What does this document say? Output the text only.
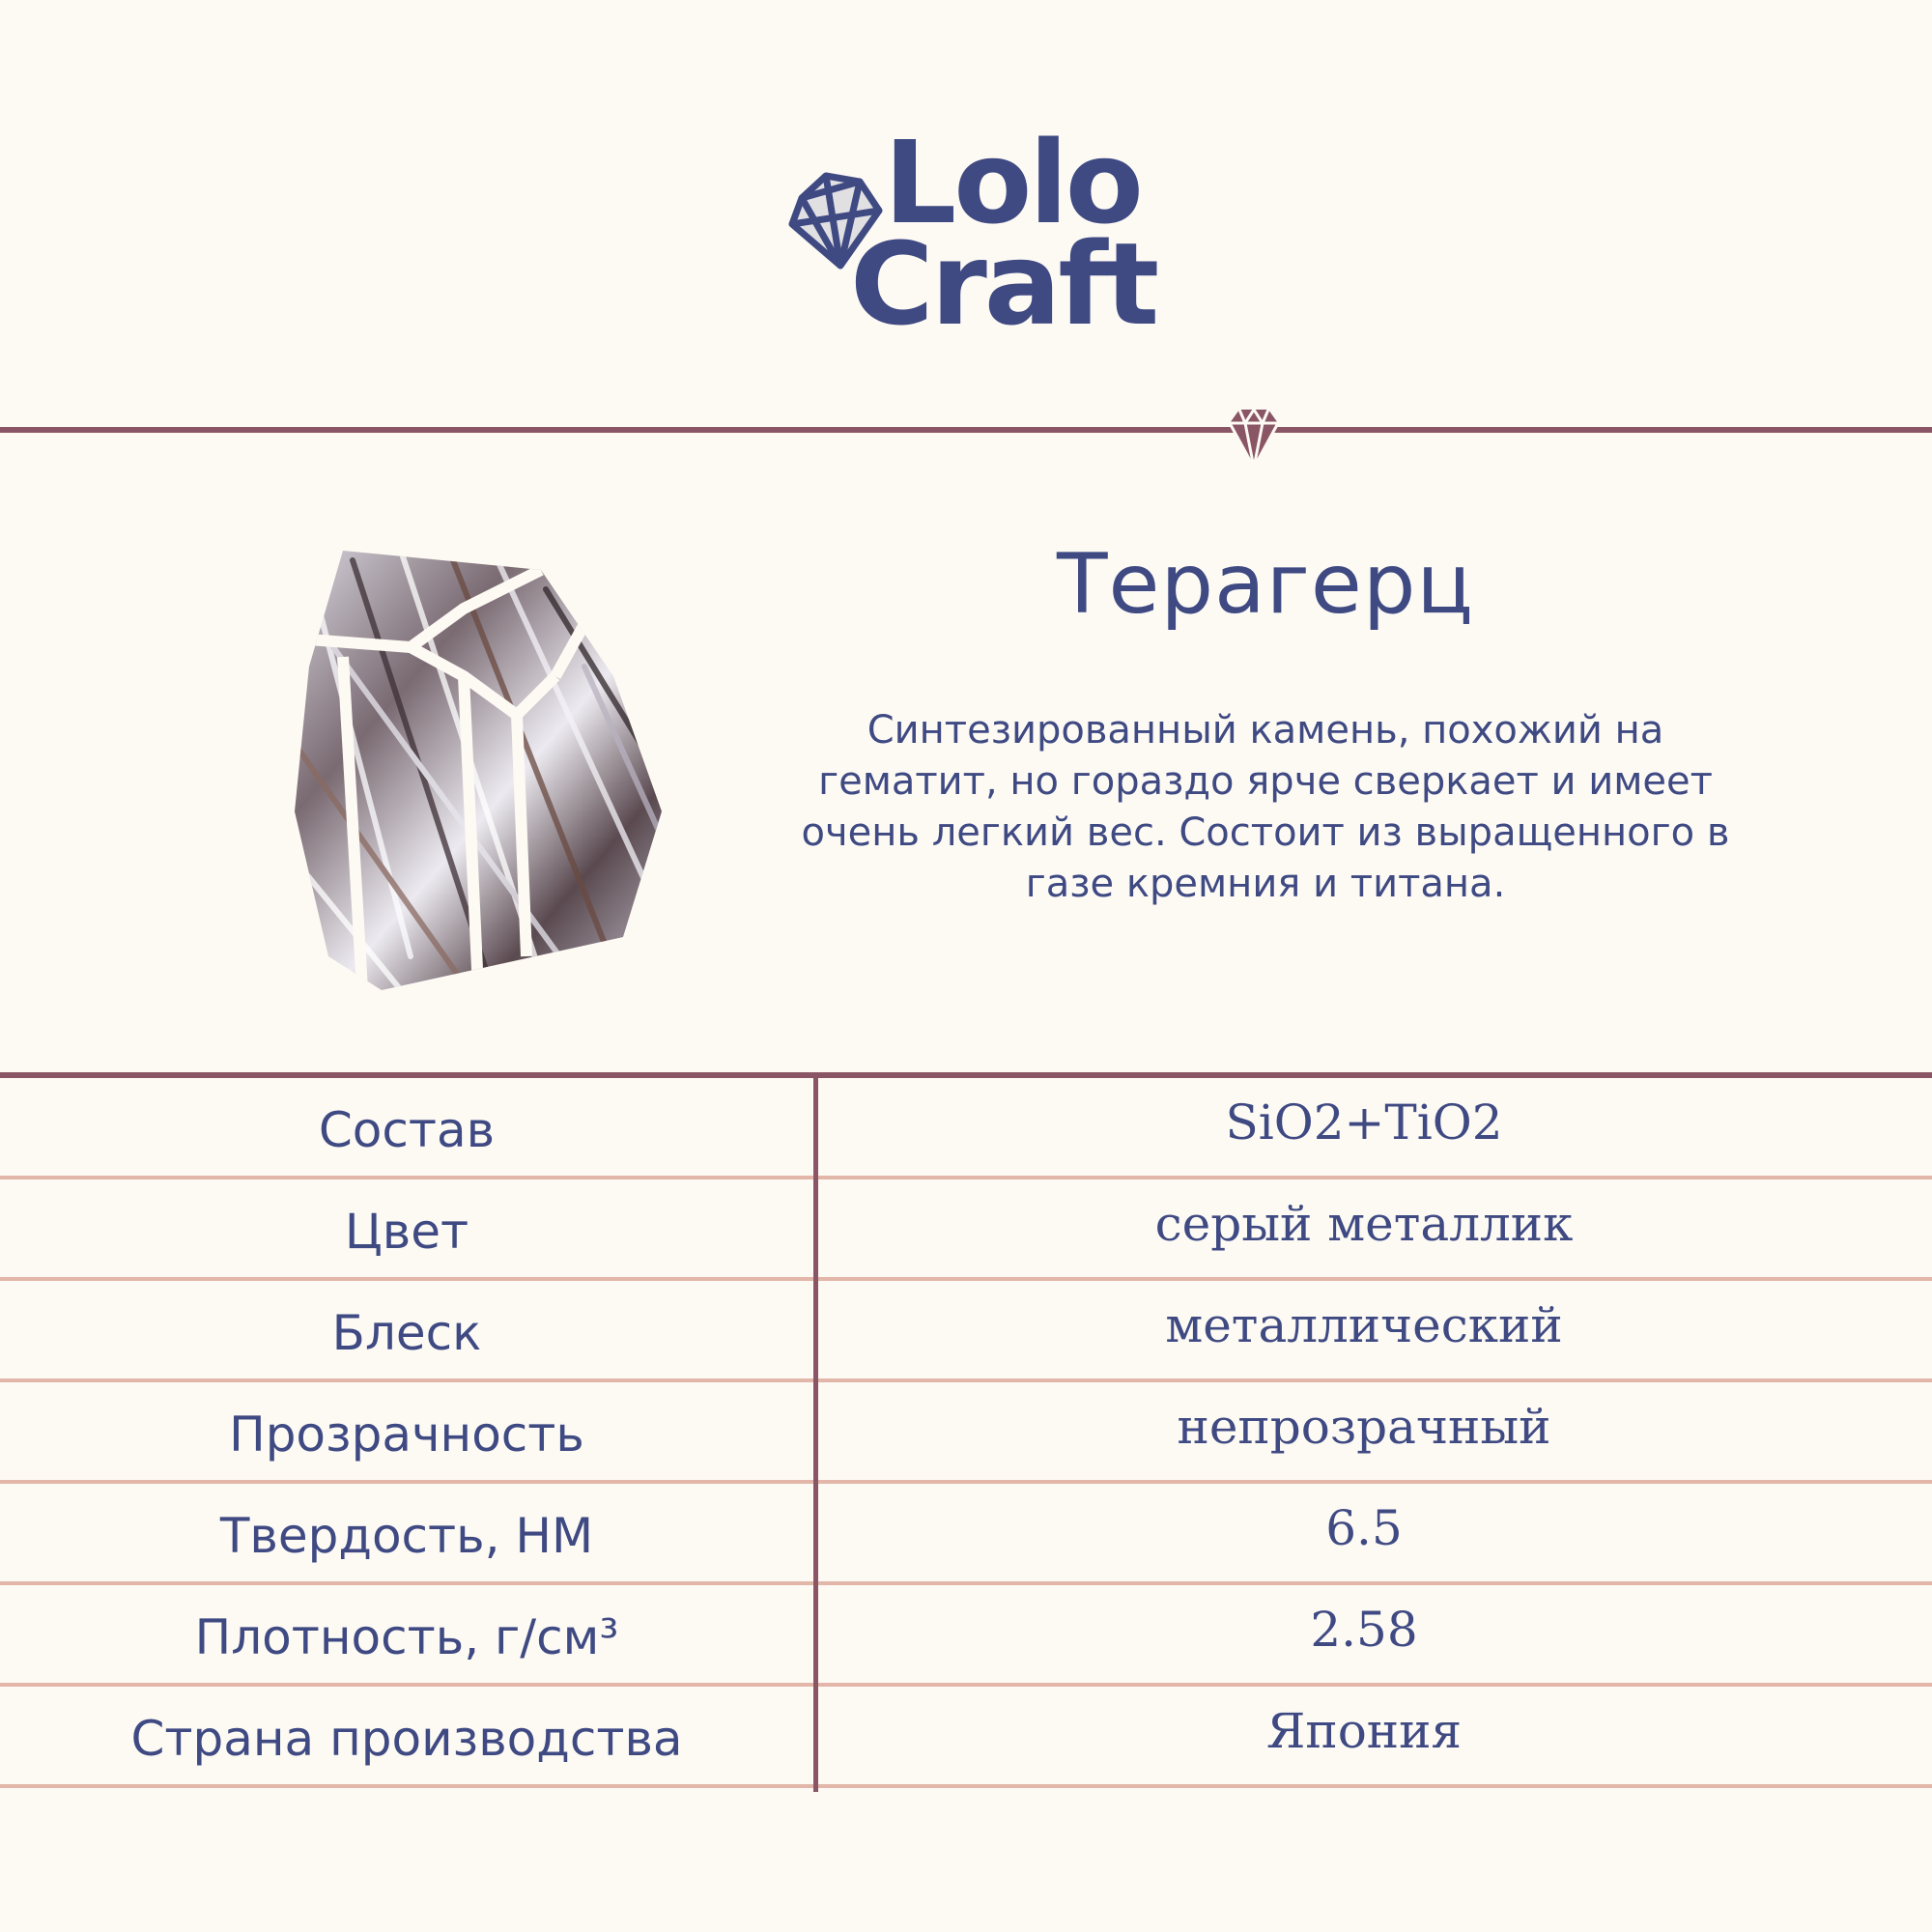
Lolo
Craft
Терагерц

Синтезированный камень, похожий на гематит, но гораздо ярче сверкает и имеет очень легкий вес. Состоит из выращенного в газе кремния и титана.

Состав	SiO2+TiO2
Цвет	серый металлик
Блеск	металлический
Прозрачность	непрозрачный
Твердость, НМ	6.5
Плотность, г/см³	2.58
Страна производства	Япония
